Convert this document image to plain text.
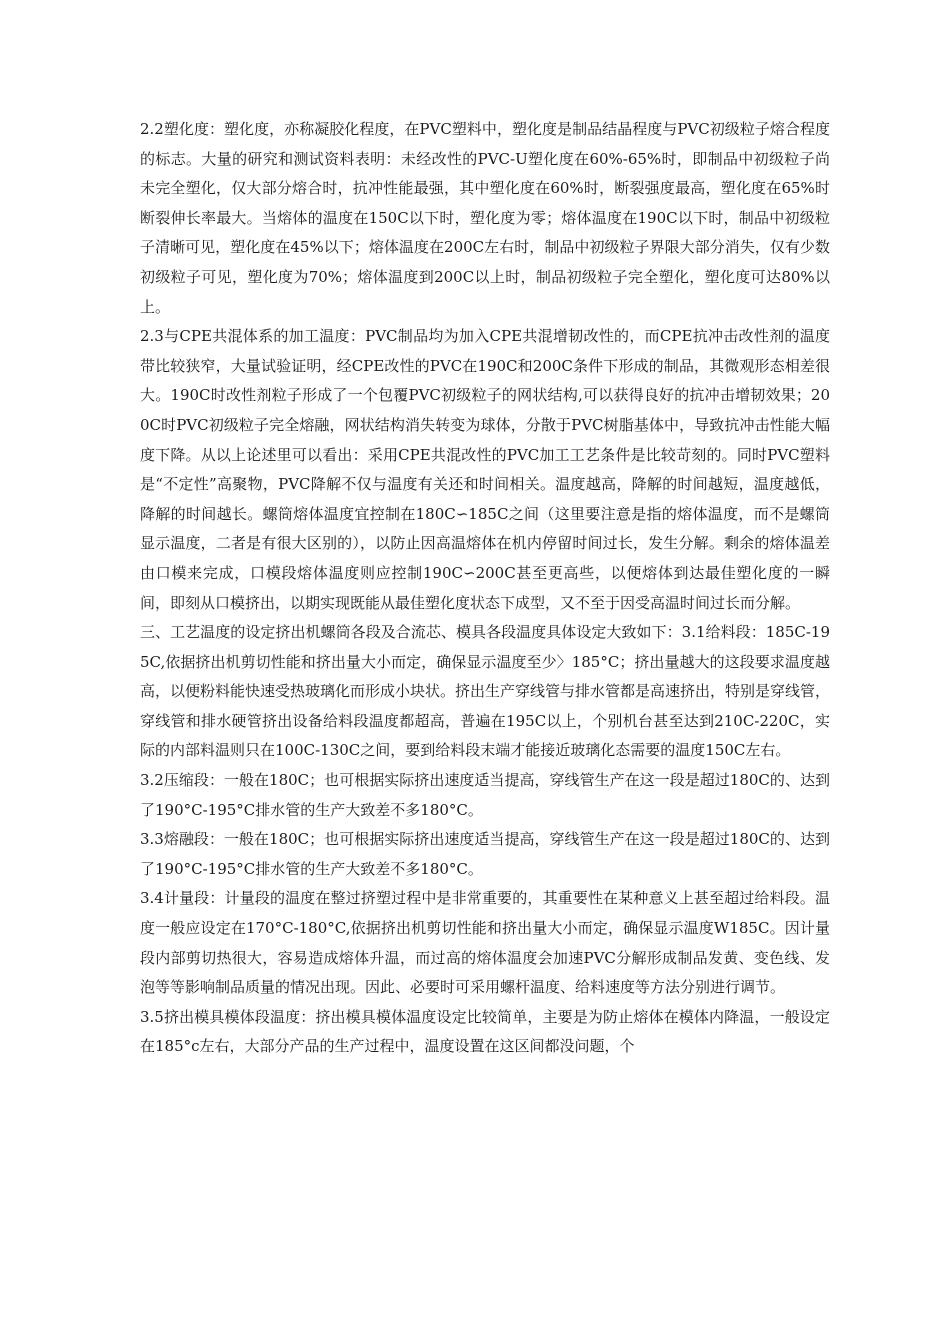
2.2塑化度：塑化度，亦称凝胶化程度，在PVC塑料中，塑化度是制品结晶程度与PVC初级粒子熔合程度的标志。大量的研究和测试资料表明：未经改性的PVC-U塑化度在60%-65%时，即制品中初级粒子尚未完全塑化，仅大部分熔合时，抗冲性能最强，其中塑化度在60%时，断裂强度最高，塑化度在65%时断裂伸长率最大。当熔体的温度在150C以下时，塑化度为零；熔体温度在190C以下时，制品中初级粒子清晰可见，塑化度在45%以下；熔体温度在200C左右时，制品中初级粒子界限大部分消失，仅有少数初级粒子可见，塑化度为70%；熔体温度到200C以上时，制品初级粒子完全塑化，塑化度可达80%以上。

2.3与CPE共混体系的加工温度：PVC制品均为加入CPE共混增韧改性的，而CPE抗冲击改性剂的温度带比较狭窄，大量试验证明，经CPE改性的PVC在190C和200C条件下形成的制品，其微观形态相差很大。190C时改性剂粒子形成了一个包覆PVC初级粒子的网状结构,可以获得良好的抗冲击增韧效果；200C时PVC初级粒子完全熔融，网状结构消失转变为球体，分散于PVC树脂基体中，导致抗冲击性能大幅度下降。从以上论述里可以看出：采用CPE共混改性的PVC加工工艺条件是比较苛刻的。同时PVC塑料是“不定性”高聚物，PVC降解不仅与温度有关还和时间相关。温度越高，降解的时间越短，温度越低，降解的时间越长。螺筒熔体温度宜控制在180C∽185C之间（这里要注意是指的熔体温度，而不是螺筒显示温度，二者是有很大区别的），以防止因高温熔体在机内停留时间过长，发生分解。剩余的熔体温差由口模来完成，口模段熔体温度则应控制190C∽200C甚至更高些，以便熔体到达最佳塑化度的一瞬间，即刻从口模挤出，以期实现既能从最佳塑化度状态下成型，又不至于因受高温时间过长而分解。

三、工艺温度的设定挤出机螺筒各段及合流芯、模具各段温度具体设定大致如下：3.1给料段：185C-195C,依据挤出机剪切性能和挤出量大小而定，确保显示温度至少〉185°C；挤出量越大的这段要求温度越高，以便粉料能快速受热玻璃化而形成小块状。挤出生产穿线管与排水管都是高速挤出，特别是穿线管，穿线管和排水硬管挤出设备给料段温度都超高，普遍在195C以上，个别机台甚至达到210C-220C，实际的内部料温则只在100C-130C之间，要到给料段末端才能接近玻璃化态需要的温度150C左右。

3.2压缩段：一般在180C；也可根据实际挤出速度适当提高，穿线管生产在这一段是超过180C的、达到了190°C-195°C排水管的生产大致差不多180°C。

3.3熔融段：一般在180C；也可根据实际挤出速度适当提高，穿线管生产在这一段是超过180C的、达到了190°C-195°C排水管的生产大致差不多180°C。

3.4计量段：计量段的温度在整过挤塑过程中是非常重要的，其重要性在某种意义上甚至超过给料段。温度一般应设定在170°C-180°C,依据挤出机剪切性能和挤出量大小而定，确保显示温度W185C。因计量段内部剪切热很大，容易造成熔体升温，而过高的熔体温度会加速PVC分解形成制品发黄、变色线、发泡等等影响制品质量的情况出现。因此、必要时可采用螺杆温度、给料速度等方法分别进行调节。

3.5挤出模具模体段温度：挤出模具模体温度设定比较简单，主要是为防止熔体在模体内降温，一般设定在185°c左右，大部分产品的生产过程中，温度设置在这区间都没问题，个
